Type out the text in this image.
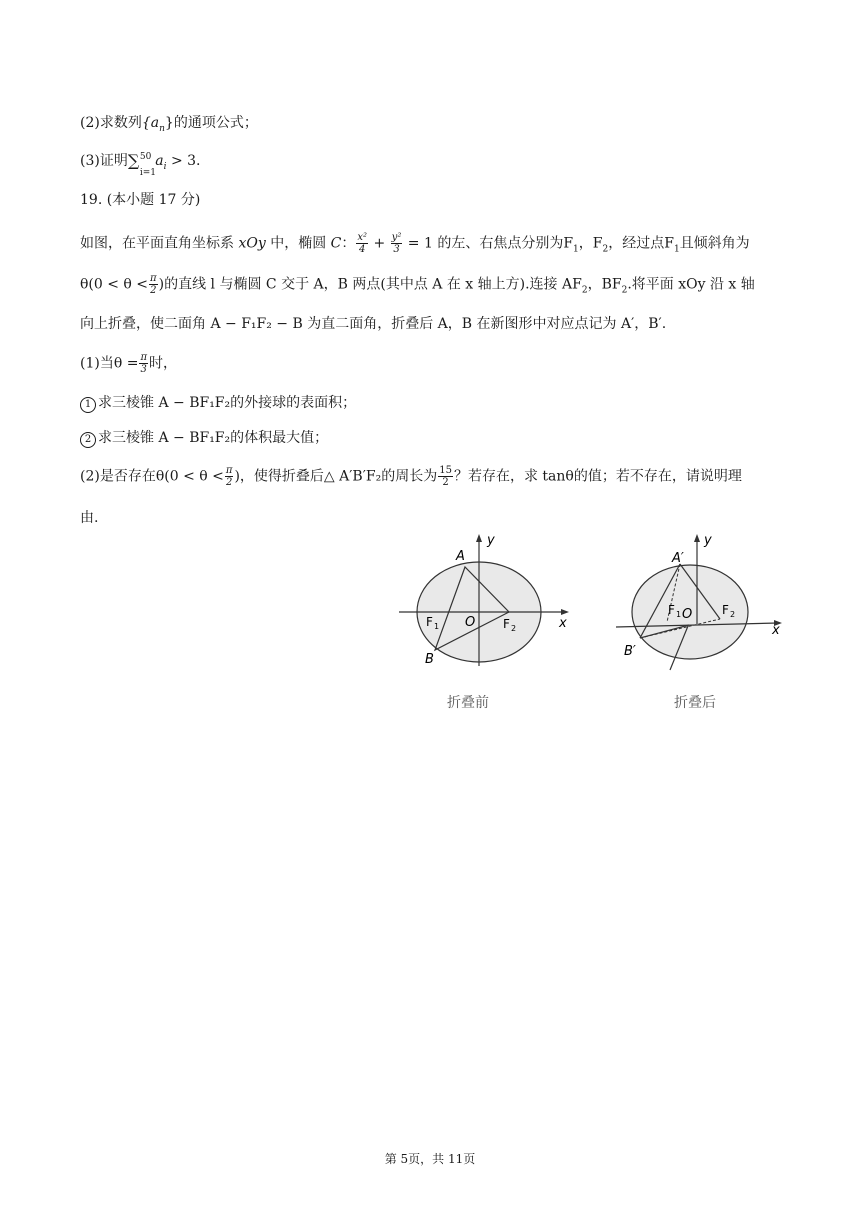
(2)求数列$\{a_n\}$的通项公式；
(3)证明∑ 50
i=1
$a_i > 3$.
19. (本小题 17 分)
如图，在平面直角坐标系 xOy 中，椭圆 C： $\frac{\text{x²}}{4} + \frac{\text{y²}}{3} = 1$ 的左、右焦点分别为$F_1$，$F_2$，经过点$F_1$且倾斜角为
$\theta(0 < \theta < \frac{\pi}{2}$ )的直线 l 与椭圆 C 交于 A，B 两点(其中点 A 在 x 轴上方).连接 $AF_2$，$BF_2$.将平面 xOy 沿 x 轴
向上折叠，使二面角 A − F₁F₂ − B 为直二面角，折叠后 A，B 在新图形中对应点记为 A′，B′.
(1)当$\theta = \frac{\pi}{3}$ 时，
1 求三棱锥 A − BF₁F₂的外接球的表面积；
2 求三棱锥 A − BF₁F₂的体积最大值；
(2)是否存在$\theta(0 < \theta < \frac{\pi}{2}$ )，使得折叠后△ A′B′F₂的周长为 $\frac{15}{2}$ ？若存在，求 tanθ的值；若不存在，请说明理
由.
A
B
F 1 O F 2	x
y
折叠前
A′
B′
F 1 O F 2
x
y
折叠后
第 5页，共 11页
